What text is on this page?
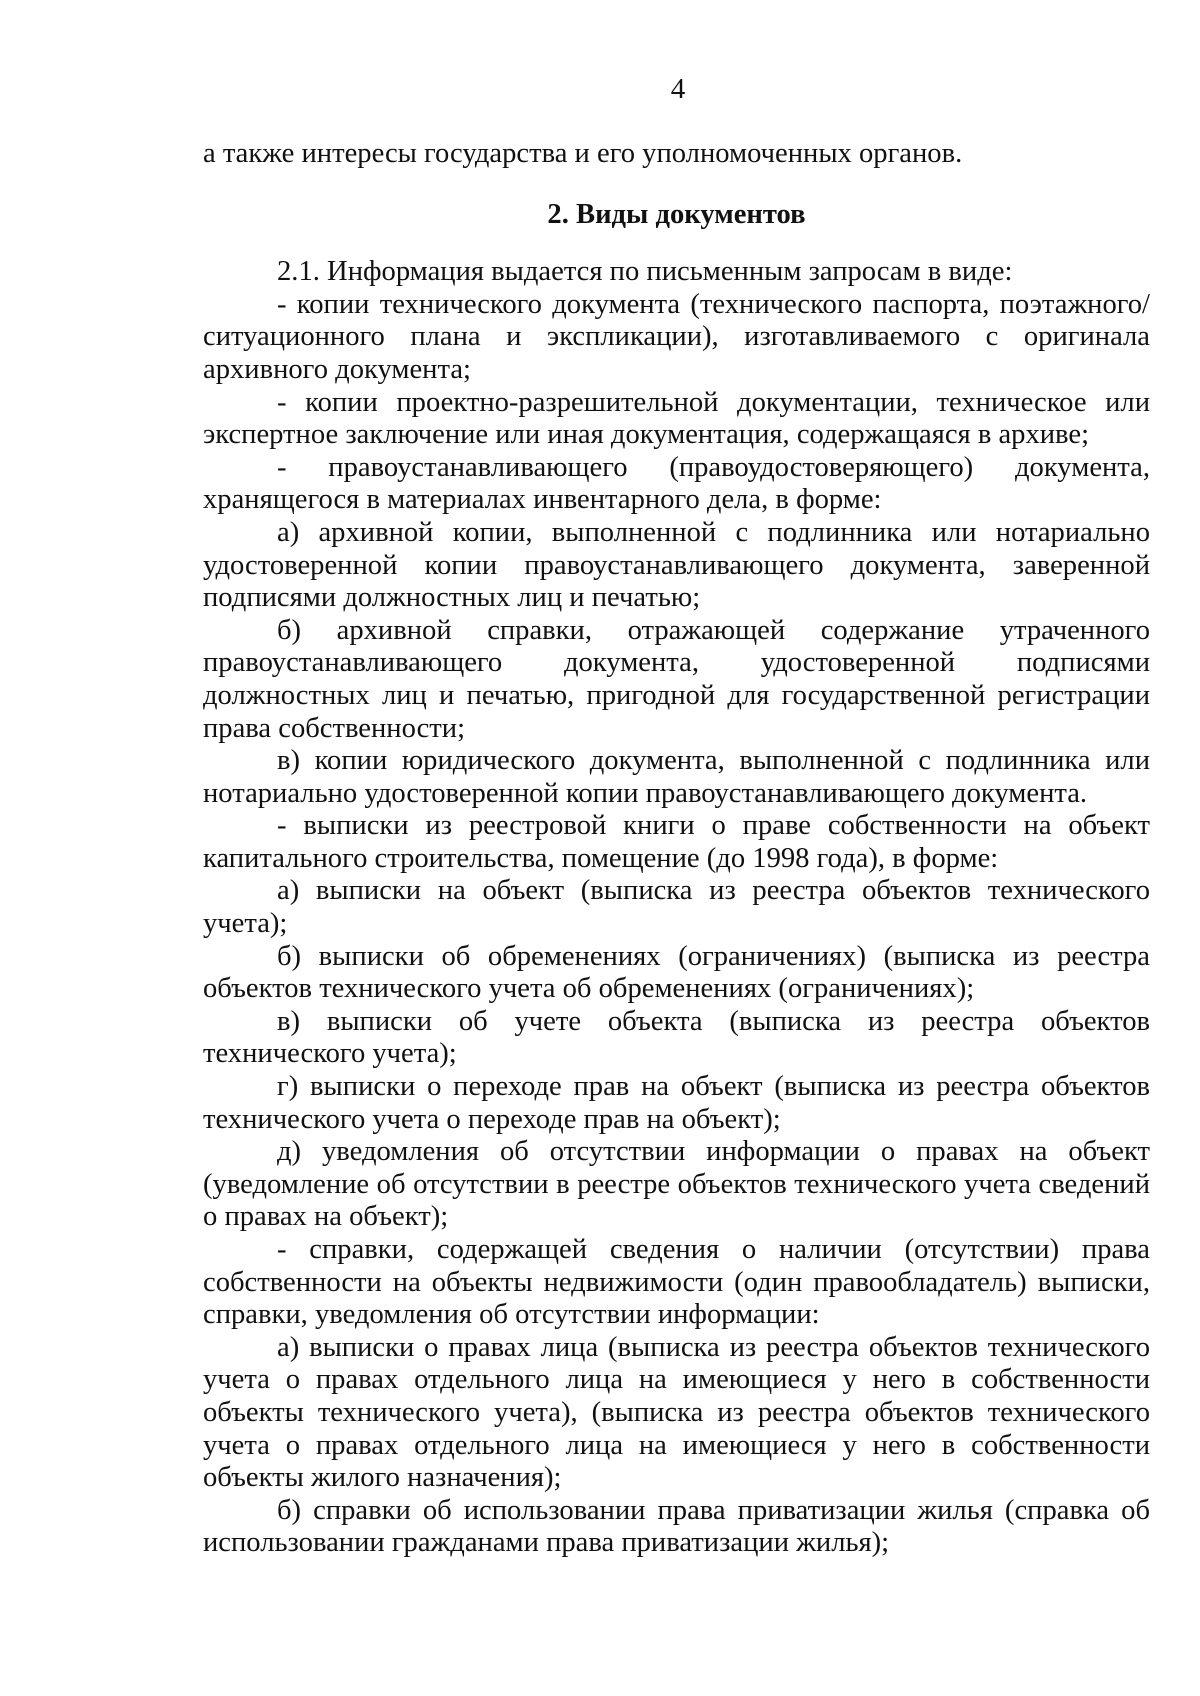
4

а также интересы государства и его уполномоченных органов.

2. Виды документов

2.1. Информация выдается по письменным запросам в виде:

- копии технического документа (технического паспорта, поэтажного/ситуационного плана и экспликации), изготавливаемого с оригинала архивного документа;

- копии проектно-разрешительной документации, техническое или экспертное заключение или иная документация, содержащаяся в архиве;

- правоустанавливающего (правоудостоверяющего) документа, хранящегося в материалах инвентарного дела, в форме:

а) архивной копии, выполненной с подлинника или нотариально удостоверенной копии правоустанавливающего документа, заверенной подписями должностных лиц и печатью;

б) архивной справки, отражающей содержание утраченного правоустанавливающего документа, удостоверенной подписями должностных лиц и печатью, пригодной для государственной регистрации права собственности;

в) копии юридического документа, выполненной с подлинника или нотариально удостоверенной копии правоустанавливающего документа.

- выписки из реестровой книги о праве собственности на объект капитального строительства, помещение (до 1998 года), в форме:

а) выписки на объект (выписка из реестра объектов технического учета);

б) выписки об обременениях (ограничениях) (выписка из реестра объектов технического учета об обременениях (ограничениях);

в) выписки об учете объекта (выписка из реестра объектов технического учета);

г) выписки о переходе прав на объект (выписка из реестра объектов технического учета о переходе прав на объект);

д) уведомления об отсутствии информации о правах на объект (уведомление об отсутствии в реестре объектов технического учета сведений о правах на объект);

- справки, содержащей сведения о наличии (отсутствии) права собственности на объекты недвижимости (один правообладатель) выписки, справки, уведомления об отсутствии информации:

а) выписки о правах лица (выписка из реестра объектов технического учета о правах отдельного лица на имеющиеся у него в собственности объекты технического учета), (выписка из реестра объектов технического учета о правах отдельного лица на имеющиеся у него в собственности объекты жилого назначения);

б) справки об использовании права приватизации жилья (справка об использовании гражданами права приватизации жилья);
